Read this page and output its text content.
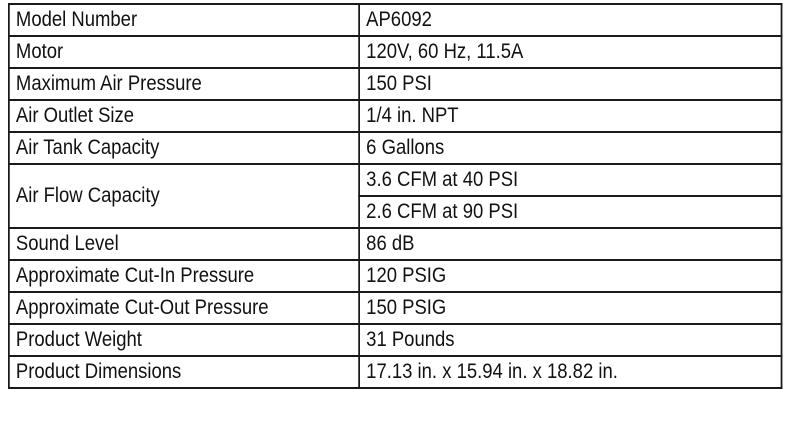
Model Number	AP6092
Motor	120V, 60 Hz, 11.5A
Maximum Air Pressure	150 PSI
Air Outlet Size	1/4 in. NPT
Air Tank Capacity	6 Gallons
Air Flow Capacity	3.6 CFM at 40 PSI
	2.6 CFM at 90 PSI
Sound Level	86 dB
Approximate Cut-In Pressure	120 PSIG
Approximate Cut-Out Pressure	150 PSIG
Product Weight	31 Pounds
Product Dimensions	17.13 in. x 15.94 in. x 18.82 in.
